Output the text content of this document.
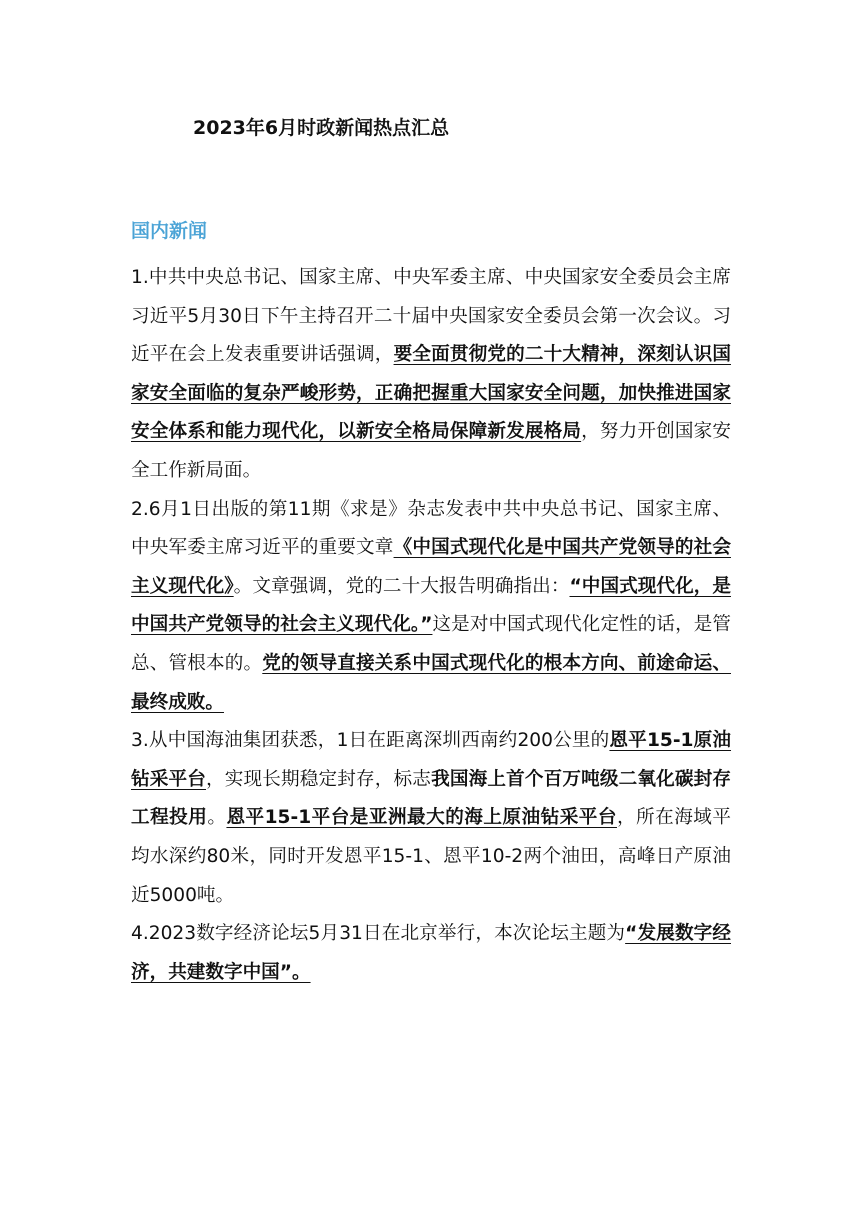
2023年6月时政新闻热点汇总
国内新闻

1.中共中央总书记、国家主席、中央军委主席、中央国家安全委员会主席习近平5月30日下午主持召开二十届中央国家安全委员会第一次会议。习近平在会上发表重要讲话强调，要全面贯彻党的二十大精神，深刻认识国家安全面临的复杂严峻形势，正确把握重大国家安全问题，加快推进国家安全体系和能力现代化，以新安全格局保障新发展格局，努力开创国家安全工作新局面。

2.6月1日出版的第11期《求是》杂志发表中共中央总书记、国家主席、中央军委主席习近平的重要文章《中国式现代化是中国共产党领导的社会主义现代化》。文章强调，党的二十大报告明确指出：“中国式现代化，是中国共产党领导的社会主义现代化。”这是对中国式现代化定性的话，是管总、管根本的。党的领导直接关系中国式现代化的根本方向、前途命运、最终成败。

3.从中国海油集团获悉，1日在距离深圳西南约200公里的恩平15-1原油钻采平台，实现长期稳定封存，标志我国海上首个百万吨级二氧化碳封存工程投用。恩平15-1平台是亚洲最大的海上原油钻采平台，所在海域平均水深约80米，同时开发恩平15-1、恩平10-2两个油田，高峰日产原油近5000吨。

4.2023数字经济论坛5月31日在北京举行，本次论坛主题为“发展数字经济，共建数字中国”。
